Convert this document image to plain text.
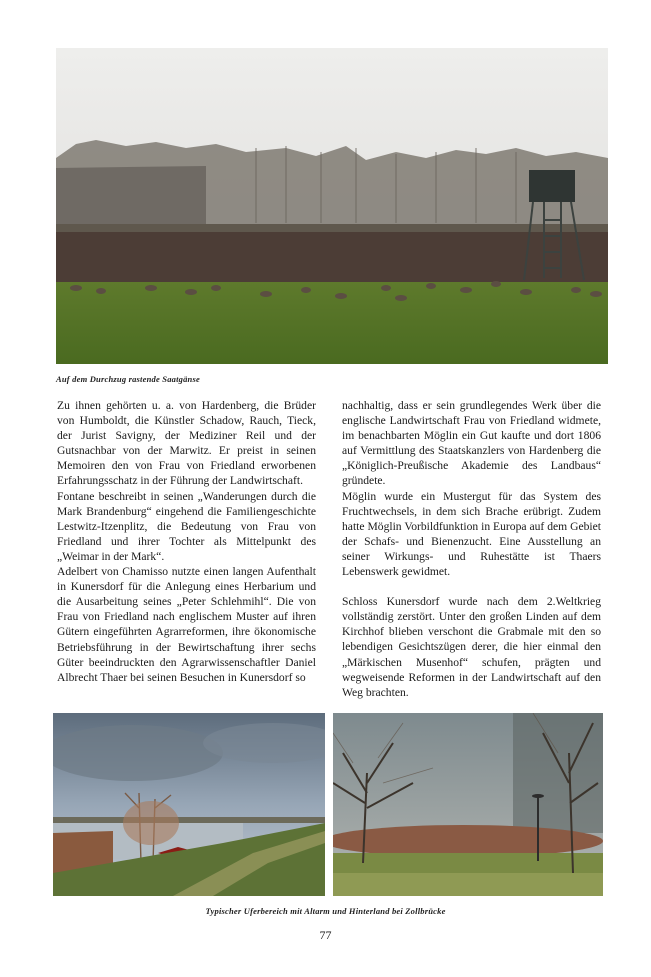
Auf dem Durchzug rastende Saatgänse

Zu ihnen gehörten u. a. von Hardenberg, die Brüder von Humboldt, die Künstler Schadow, Rauch, Tieck, der Jurist Savigny, der Mediziner Reil und der Gutsnachbar von der Marwitz. Er preist in seinen Memoiren den von Frau von Friedland erworbenen Erfahrungsschatz in der Führung der Landwirtschaft.

Fontane beschreibt in seinen „Wanderungen durch die Mark Brandenburg“ eingehend die Familiengeschichte Lestwitz-Itzenplitz, die Bedeutung von Frau von Friedland und ihrer Tochter als Mittelpunkt des „Weimar in der Mark“.

Adelbert von Chamisso nutzte einen langen Aufenthalt in Kunersdorf für die Anlegung eines Herbarium und die Ausarbeitung seines „Peter Schlehmihl“. Die von Frau von Friedland nach englischem Muster auf ihren Gütern eingeführten Agrarreformen, ihre ökonomische Betriebsführung in der Bewirtschaftung ihrer sechs Güter beeindruckten den Agrarwissenschaftler Daniel Albrecht Thaer bei seinen Besuchen in Kunersdorf so

nachhaltig, dass er sein grundlegendes Werk über die englische Landwirtschaft Frau von Friedland widmete, im benachbarten Möglin ein Gut kaufte und dort 1806 auf Vermittlung des Staatskanzlers von Hardenberg die „Königlich-Preußische Akademie des Landbaus“ gründete.

Möglin wurde ein Mustergut für das System des Fruchtwechsels, in dem sich Brache erübrigt. Zudem hatte Möglin Vorbildfunktion in Europa auf dem Gebiet der Schafs- und Bienenzucht. Eine Ausstellung an seiner Wirkungs- und Ruhestätte ist Thaers Lebenswerk gewidmet.

Schloss Kunersdorf wurde nach dem 2.Weltkrieg vollständig zerstört. Unter den großen Linden auf dem Kirchhof blieben verschont die Grabmale mit den so lebendigen Gesichtszügen derer, die hier einmal den „Märkischen Musenhof“ schufen, prägten und wegweisende Reformen in der Landwirtschaft auf den Weg brachten.

Typischer Uferbereich mit Altarm und Hinterland bei Zollbrücke
77
